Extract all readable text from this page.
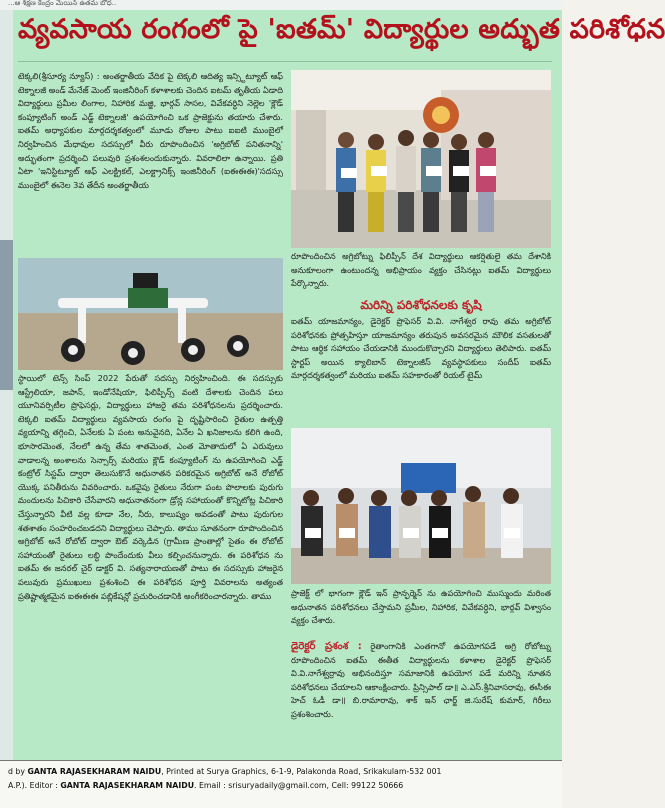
...ఆ శిక్షణ కేంద్రం మెయిన్ ఉతమ బోధ..
వ్యవసాయ రంగంలో పై 'ఐతమ్' విద్యార్థుల అద్భుత పరిశోధన
టెక్కలి(శ్రీసూర్య న్యూస్) : అంతర్జాతీయ వేదిక పై టెక్కలి ఆదిత్య ఇన్స్టిట్యూట్ ఆఫ్ టెక్నాలజీ అండ్ మేనేజ్ మెంట్ ఇంజినీరింగ్ కళాశాలకు చెందిన ఐటమ్ తృతీయ ఏడాది విద్యార్థులు ప్రమీల లింగాల, నిహారిక మజ్జి, భార్గవ్ సాసల, వివేకవర్ధిని నెల్లెల 'క్లౌడ్ కంప్యూటింగ్ అండ్ ఎడ్జ్ టెక్నాలజీ' ఉపయోగించి ఒక ప్రాజెక్టును తయారు చేశారు. ఐతమ్ అధ్యాపకుల మార్గదర్శకత్వంలో మూడు రోజుల పాటు ఐఐటి ముంబైలో నిర్వహించిన మేధావుల సదస్సులో వీరు రూపొందించిన 'అగ్రిబోట్ పనితనాన్ని' అద్భుతంగా ప్రదర్శించి పలువురి ప్రశంశలందుకున్నారు. వివరాలిలా ఉన్నాయి. ప్రతి ఏటా 'ఇనిస్టిట్యూట్ ఆఫ్ ఎలక్ట్రికల్, ఎలక్ట్రానిక్స్ ఇంజినీరింగ్ (ఐఈఈఈ)'సదస్సు ముంబైలో ఈనెల 3వ తేదీన అంతర్జాతీయ
స్థాయిలో టెన్స్ సింప్ 2022 పేరుతో సదస్సు నిర్వహించింది. ఈ సదస్సుకు ఆస్ట్రేలియా, జపాన్, ఇండోనేషియా, ఫిలిప్పీన్స్ వంటి దేశాలకు చెందిన పలు యూనివర్సిటీల ప్రొఫెసర్లు, విద్యార్థులు హాజరై తమ పరిశోధనలను ప్రదర్శించారు. టెక్కలి ఐతమ్ విద్యార్థులు వ్యవసాయ రంగం పై దృష్టిసారించి రైతుల ఉత్పత్తి వ్యయాన్ని తగ్గించి, ఏనేలకు ఏ పంట అనువైనది, ఏనేల ఏ ఖనిజాలను కలిగి ఉంది, భూసారమెంత, నేలలో ఉన్న తేమ శాతమెంత, ఎంత మోతాదులో ఏ ఎరువులు వాడాలన్న అంశాలను సెన్సార్స్ మరియు క్లౌడ్ కంప్యూటింగ్ ను ఉపయోగించి ఎడ్జ్ కంట్రోల్ సిస్టమ్ ద్వారా తెలుసుకొనే అధునాతన పరికరమైన అగ్రిబోట్ అనే రోబోట్ యొక్క పనితీరును వివరించారు. ఒకవైపు రైతులు నేరుగా పంట పొలాలకు పురుగు మందులను పిచికారి చేసేవారని అధునాతనంగా డ్రోన్ల సహాయంతో కొన్నిటోట్ల పిచికారి చేస్తున్నారని వీటి వల్ల కూడా నేల, నీరు, కాలుష్యం అవడంతో పాటు పురుగుల శతశాతం సంహరించబడదని విద్యార్థులు చెప్పారు. తాము సూతనంగా రూపొందించిన అగ్రిబోట్ అనే రోబోట్ ద్వారా ఔట్ వర్కెడిన (గ్రామీణ ప్రాంతాల్లో సైతం ఈ రోబోట్ సహాయంతో రైతులు లబ్ధి పొందేందుకు వీలు కల్పించనున్నారు. ఈ పరిశోధన ను ఐతమ్ ఈ జనరల్ చైర్ డాక్టర్ వి. సత్యనారాయణతో పాటు ఈ సదస్సుకు హాజరైన పలువురు ప్రముఖులు ప్రశంశించి ఈ పరిశోధన పూర్తి వివరాలను అత్యంత ప్రతిష్టాత్మకమైన ఐఈఈఈ పబ్లికేషన్లో ప్రచురించడానికి అంగీకరించారన్నారు. తాము
రూపొందించిన అగ్రిబోట్ను ఫిలిప్పీన్ దేశ విద్యార్థులు ఆకర్షితులై తమ దేశానికి అనుకూలంగా ఉంటుందన్న అభిప్రాయం వ్యక్తం చేసినట్లు ఐతమ్ విద్యార్థులు పేర్కొన్నారు.
మరిన్ని పరిశోధనలకు కృషి
ఐతమ్ యాజమాన్యం, డైరెక్టర్ ప్రొఫెసర్ వి.వి. నాగేశ్వర రావు తమ అగ్రిబోట్ పరిశోధనకు ప్రోత్సహిస్తూ యాజమాన్యం తరుపున అవసరమైన మౌలిక వసతులతో పాటు ఆర్థిక సహాయం చేయడానికి ముందుకొచ్చారని విద్యార్థులు తెలిపారు. ఐతమ్ స్టార్టప్ అయిన క్యాలిబాన్ టెక్నాలజీస్ వ్యవస్థాపకులు సందీప్ ఐతమ్ మార్గదర్శకత్వంలో మరియు ఐతమ్ సహకారంతో రియల్ టైమ్
ప్రాజెక్ట్ లో భాగంగా క్లౌడ్ ఇన్ ప్రాన్ఫర్మెన్ ను ఉపయోగించి ముస్ముందు మరింత అధునాతన పరిశోధనలు చేస్తామని ప్రమీల, నిహారిక, వివేకవర్ధిని, భార్గవ్ విశ్వాసం వ్యక్తం చేశారు.
డైరెక్టర్ ప్రశంశ : రైతాంగానికి ఎంతగానో ఉపయోగపడే అగ్రి రోబోట్ను రూపొందించిన ఐతమ్ ఈతీత విద్యార్థులను కళాశాల డైరెక్టర్ ప్రొఫెసర్ వి.వి.నాగేశ్వర్రావు అభినందిస్తూ సమాజానికి ఉపయోగ పడే మరిన్ని నూతన పరిశోధనలు చేయాలని ఆకాంక్షించారు. ప్రిన్సిపాల్ డా॥ ఎ.ఎస్.శ్రీనివాసరావు, ఈసీఈ హెచ్ ఓడీ డా॥ బి.రామారావు, శాక్ ఇన్ ఛార్జ్ జి.సురేష్ కుమార్, గిరీలు ప్రశంశించారు.
d by GANTA RAJASEKHARAM NAIDU, Printed at Surya Graphics, 6-1-9, Palakonda Road, Srikakulam-532 001
A.P.). Editor : GANTA RAJASEKHARAM NAIDU. Email : srisuryadaily@gmail.com, Cell: 99122 50666
